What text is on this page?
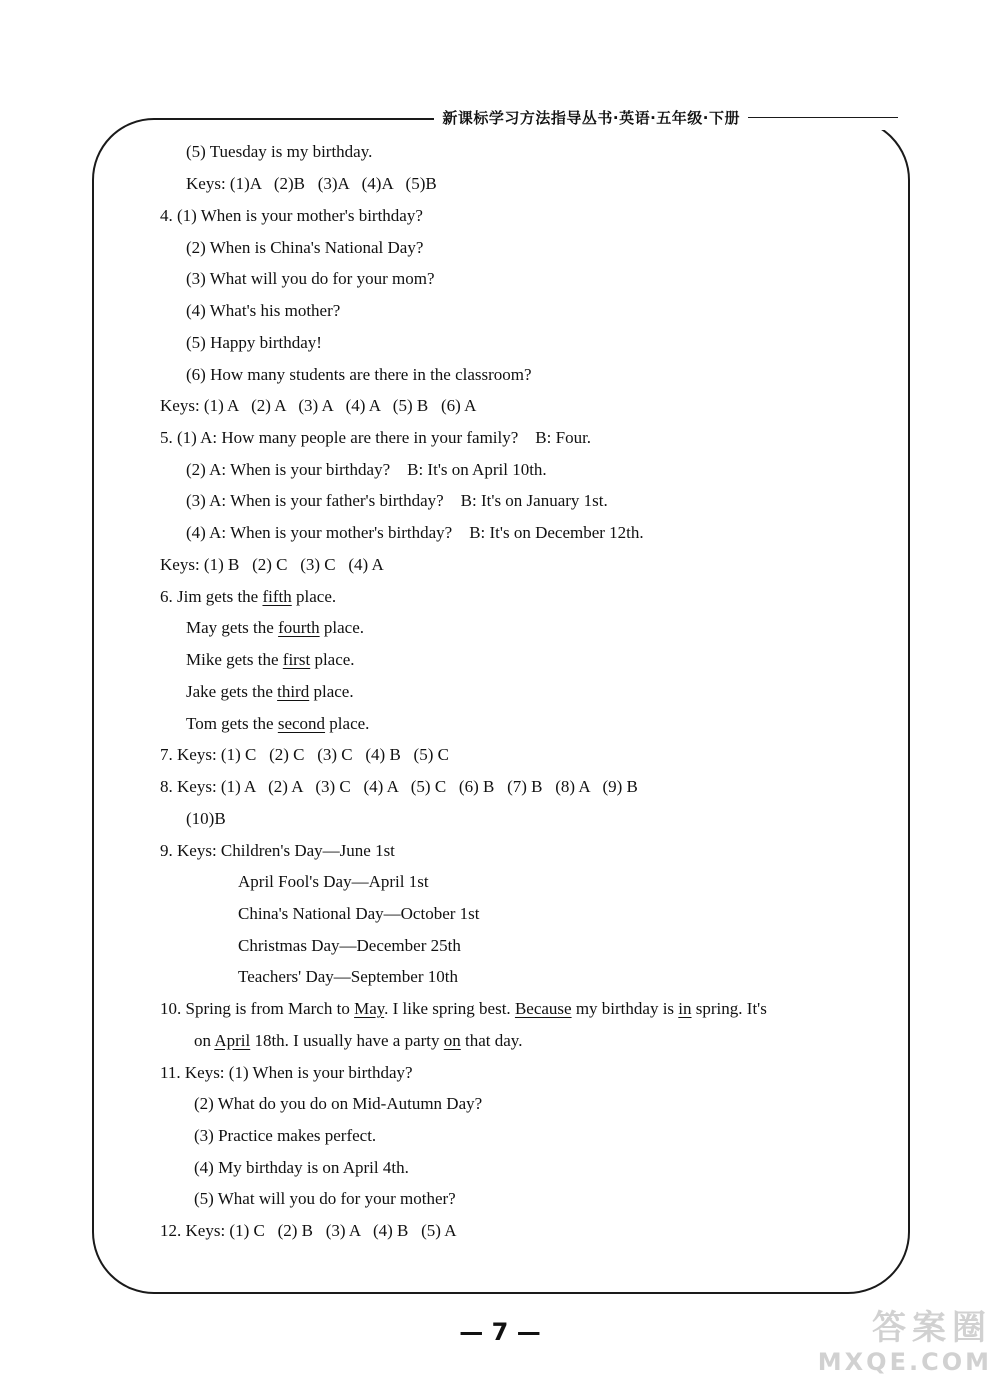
新课标学习方法指导丛书·英语·五年级·下册
(5) Tuesday is my birthday.
Keys: (1)A   (2)B   (3)A   (4)A   (5)B
4. (1) When is your mother's birthday?
(2) When is China's National Day?
(3) What will you do for your mom?
(4) What's his mother?
(5) Happy birthday!
(6) How many students are there in the classroom?
Keys: (1) A   (2) A   (3) A   (4) A   (5) B   (6) A
5. (1) A: How many people are there in your family?    B: Four.
(2) A: When is your birthday?    B: It's on April 10th.
(3) A: When is your father's birthday?    B: It's on January 1st.
(4) A: When is your mother's birthday?    B: It's on December 12th.
Keys: (1) B   (2) C   (3) C   (4) A
6. Jim gets the fifth place.
May gets the fourth place.
Mike gets the first place.
Jake gets the third place.
Tom gets the second place.
7. Keys: (1) C   (2) C   (3) C   (4) B   (5) C
8. Keys: (1) A   (2) A   (3) C   (4) A   (5) C   (6) B   (7) B   (8) A   (9) B
(10)B
9. Keys: Children's Day—June 1st
April Fool's Day—April 1st
China's National Day—October 1st
Christmas Day—December 25th
Teachers' Day—September 10th
10. Spring is from March to May. I like spring best. Because my birthday is in spring. It's
on April 18th. I usually have a party on that day.
11. Keys: (1) When is your birthday?
(2) What do you do on Mid-Autumn Day?
(3) Practice makes perfect.
(4) My birthday is on April 4th.
(5) What will you do for your mother?
12. Keys: (1) C   (2) B   (3) A   (4) B   (5) A
— 7 —	答案圈
MXQE.COM
